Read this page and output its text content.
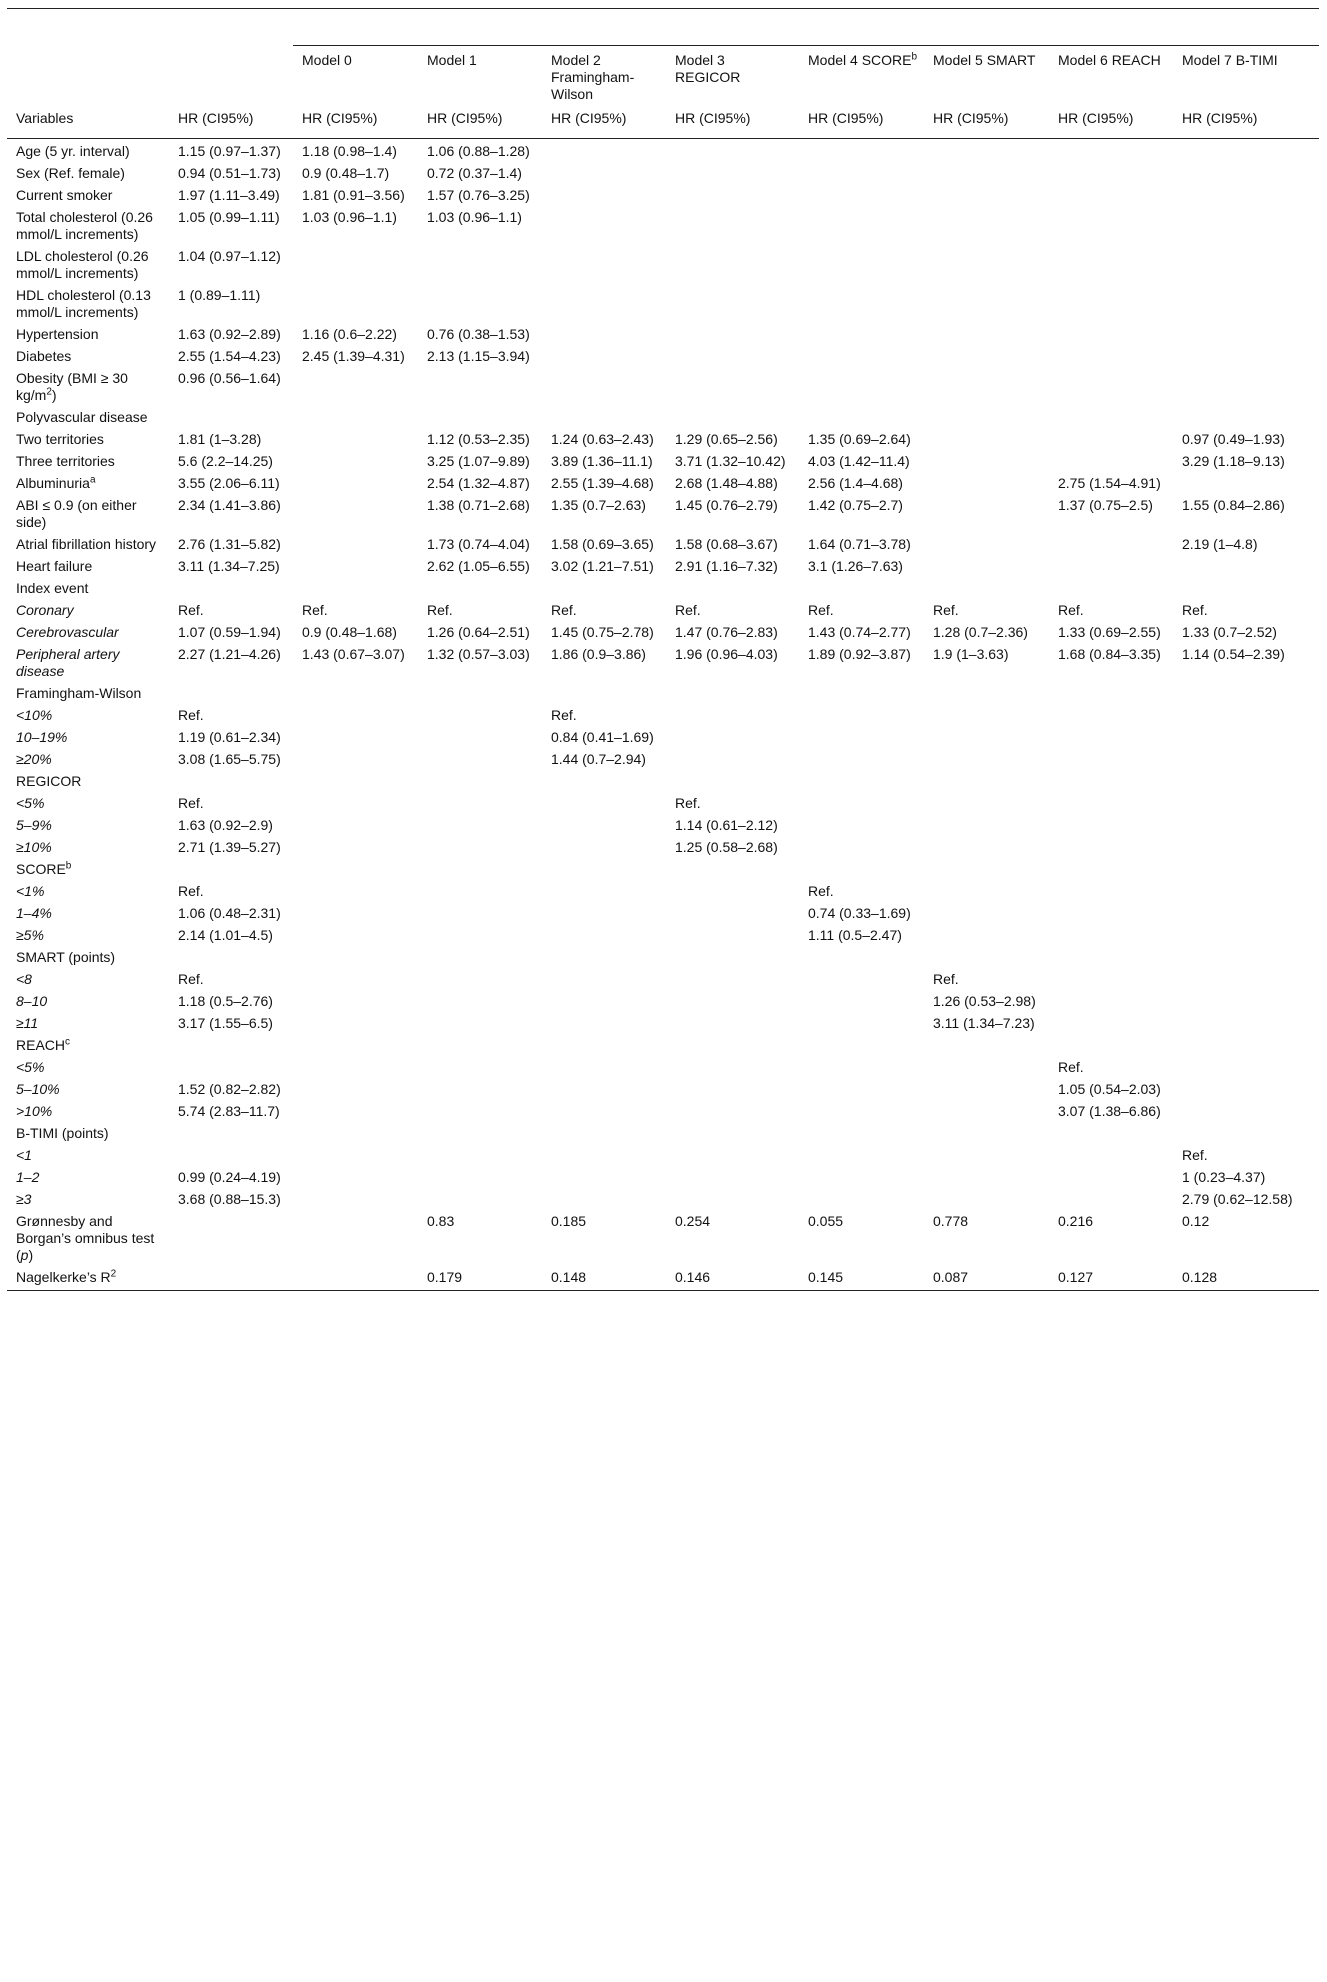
		Model 0	Model 1	Model 2 Framingham-Wilson	Model 3 REGICOR	Model 4 SCORE$^b$	Model 5 SMART	Model 6 REACH	Model 7 B-TIMI
Variables	HR (CI95%)	HR (CI95%)	HR (CI95%)	HR (CI95%)	HR (CI95%)	HR (CI95%)	HR (CI95%)	HR (CI95%)	HR (CI95%)
Age (5 yr. interval)	1.15 (0.97–1.37)	1.18 (0.98–1.4)	1.06 (0.88–1.28)						
Sex (Ref. female)	0.94 (0.51–1.73)	0.9 (0.48–1.7)	0.72 (0.37–1.4)						
Current smoker	1.97 (1.11–3.49)	1.81 (0.91–3.56)	1.57 (0.76–3.25)						
Total cholesterol (0.26 mmol/L increments)	1.05 (0.99–1.11)	1.03 (0.96–1.1)	1.03 (0.96–1.1)						
LDL cholesterol (0.26 mmol/L increments)	1.04 (0.97–1.12)								
HDL cholesterol (0.13 mmol/L increments)	1 (0.89–1.11)								
Hypertension	1.63 (0.92–2.89)	1.16 (0.6–2.22)	0.76 (0.38–1.53)						
Diabetes	2.55 (1.54–4.23)	2.45 (1.39–4.31)	2.13 (1.15–3.94)						
Obesity (BMI ≥ 30 $kg/m^2$)	0.96 (0.56–1.64)								
Polyvascular disease									
Two territories	1.81 (1–3.28)		1.12 (0.53–2.35)	1.24 (0.63–2.43)	1.29 (0.65–2.56)	1.35 (0.69–2.64)			0.97 (0.49–1.93)
Three territories	5.6 (2.2–14.25)		3.25 (1.07–9.89)	3.89 (1.36–11.1)	3.71 (1.32–10.42)	4.03 (1.42–11.4)			3.29 (1.18–9.13)
Albuminuria$^a$	3.55 (2.06–6.11)		2.54 (1.32–4.87)	2.55 (1.39–4.68)	2.68 (1.48–4.88)	2.56 (1.4–4.68)		2.75 (1.54–4.91)	
ABI ≤ 0.9 (on either side)	2.34 (1.41–3.86)		1.38 (0.71–2.68)	1.35 (0.7–2.63)	1.45 (0.76–2.79)	1.42 (0.75–2.7)		1.37 (0.75–2.5)	1.55 (0.84–2.86)
Atrial fibrillation history	2.76 (1.31–5.82)		1.73 (0.74–4.04)	1.58 (0.69–3.65)	1.58 (0.68–3.67)	1.64 (0.71–3.78)			2.19 (1–4.8)
Heart failure	3.11 (1.34–7.25)		2.62 (1.05–6.55)	3.02 (1.21–7.51)	2.91 (1.16–7.32)	3.1 (1.26–7.63)			
Index event									
Coronary	Ref.	Ref.	Ref.	Ref.	Ref.	Ref.	Ref.	Ref.	Ref.
Cerebrovascular	1.07 (0.59–1.94)	0.9 (0.48–1.68)	1.26 (0.64–2.51)	1.45 (0.75–2.78)	1.47 (0.76–2.83)	1.43 (0.74–2.77)	1.28 (0.7–2.36)	1.33 (0.69–2.55)	1.33 (0.7–2.52)
Peripheral artery disease	2.27 (1.21–4.26)	1.43 (0.67–3.07)	1.32 (0.57–3.03)	1.86 (0.9–3.86)	1.96 (0.96–4.03)	1.89 (0.92–3.87)	1.9 (1–3.63)	1.68 (0.84–3.35)	1.14 (0.54–2.39)
Framingham-Wilson									
<10%	Ref.			Ref.					
10–19%	1.19 (0.61–2.34)			0.84 (0.41–1.69)					
≥20%	3.08 (1.65–5.75)			1.44 (0.7–2.94)					
REGICOR									
<5%	Ref.				Ref.				
5–9%	1.63 (0.92–2.9)				1.14 (0.61–2.12)				
≥10%	2.71 (1.39–5.27)				1.25 (0.58–2.68)				
SCORE$^b$									
<1%	Ref.					Ref.			
1–4%	1.06 (0.48–2.31)					0.74 (0.33–1.69)			
≥5%	2.14 (1.01–4.5)					1.11 (0.5–2.47)			
SMART (points)									
<8	Ref.						Ref.		
8–10	1.18 (0.5–2.76)						1.26 (0.53–2.98)		
≥11	3.17 (1.55–6.5)						3.11 (1.34–7.23)		
REACH$^c$									
<5%								Ref.	
5–10%	1.52 (0.82–2.82)							1.05 (0.54–2.03)	
>10%	5.74 (2.83–11.7)							3.07 (1.38–6.86)	
B-TIMI (points)									
<1									Ref.
1–2	0.99 (0.24–4.19)								1 (0.23–4.37)
≥3	3.68 (0.88–15.3)								2.79 (0.62–12.58)
Grønnesby and Borgan’s omnibus test (p)			0.83	0.185	0.254	0.055	0.778	0.216	0.12
Nagelkerke’s $R^2$			0.179	0.148	0.146	0.145	0.087	0.127	0.128
